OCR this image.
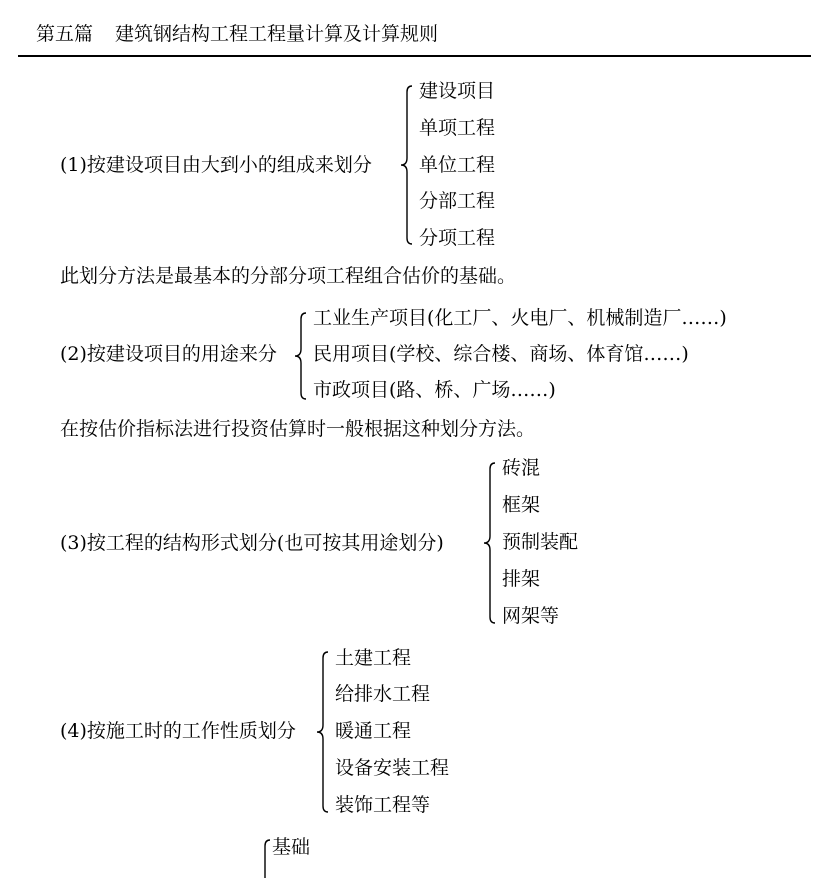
第五篇 建筑钢结构工程工程量计算及计算规则
(1)按建设项目由大到小的组成来划分
建设项目
单项工程
单位工程
分部工程
分项工程
此划分方法是最基本的分部分项工程组合估价的基础。
(2)按建设项目的用途来分
工业生产项目(化工厂、火电厂、机械制造厂……)
民用项目(学校、综合楼、商场、体育馆……)
市政项目(路、桥、广场……)
在按估价指标法进行投资估算时一般根据这种划分方法。
(3)按工程的结构形式划分(也可按其用途划分)
砖混
框架
预制装配
排架
网架等
(4)按施工时的工作性质划分
土建工程
给排水工程
暖通工程
设备安装工程
装饰工程等
基础
